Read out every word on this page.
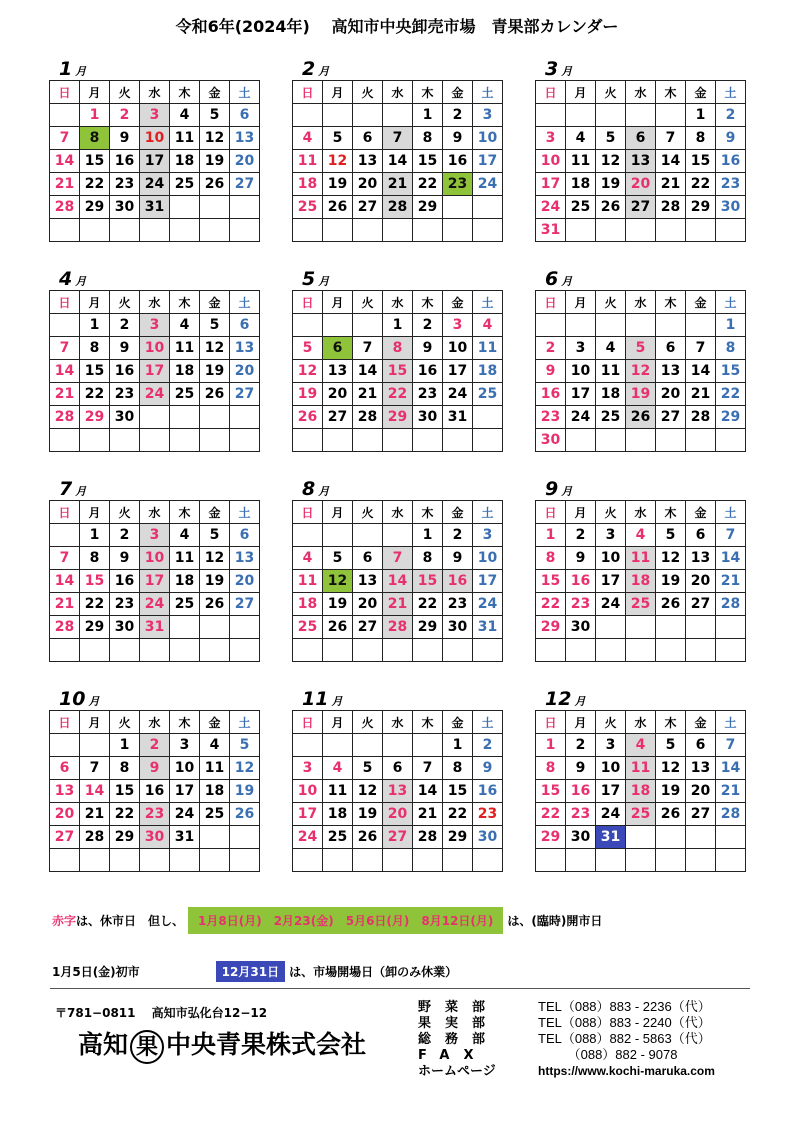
令和6年(2024年)　 高知市中央卸売市場　青果部カレンダー
1 月
日	月	火	水	木	金	土
	1	2	3	4	5	6
7	8	9	10	11	12	13
14	15	16	17	18	19	20
21	22	23	24	25	26	27
28	29	30	31			

2 月
日	月	火	水	木	金	土
				1	2	3
4	5	6	7	8	9	10
11	12	13	14	15	16	17
18	19	20	21	22	23	24
25	26	27	28	29		

3 月
日	月	火	水	木	金	土
					1	2
3	4	5	6	7	8	9
10	11	12	13	14	15	16
17	18	19	20	21	22	23
24	25	26	27	28	29	30
31						
4 月
日	月	火	水	木	金	土
	1	2	3	4	5	6
7	8	9	10	11	12	13
14	15	16	17	18	19	20
21	22	23	24	25	26	27
28	29	30				

5 月
日	月	火	水	木	金	土
			1	2	3	4
5	6	7	8	9	10	11
12	13	14	15	16	17	18
19	20	21	22	23	24	25
26	27	28	29	30	31	

6 月
日	月	火	水	木	金	土
						1
2	3	4	5	6	7	8
9	10	11	12	13	14	15
16	17	18	19	20	21	22
23	24	25	26	27	28	29
30						
7 月
日	月	火	水	木	金	土
	1	2	3	4	5	6
7	8	9	10	11	12	13
14	15	16	17	18	19	20
21	22	23	24	25	26	27
28	29	30	31			

8 月
日	月	火	水	木	金	土
				1	2	3
4	5	6	7	8	9	10
11	12	13	14	15	16	17
18	19	20	21	22	23	24
25	26	27	28	29	30	31

9 月
日	月	火	水	木	金	土
1	2	3	4	5	6	7
8	9	10	11	12	13	14
15	16	17	18	19	20	21
22	23	24	25	26	27	28
29	30					

10 月
日	月	火	水	木	金	土
		1	2	3	4	5
6	7	8	9	10	11	12
13	14	15	16	17	18	19
20	21	22	23	24	25	26
27	28	29	30	31		

11 月
日	月	火	水	木	金	土
					1	2
3	4	5	6	7	8	9
10	11	12	13	14	15	16
17	18	19	20	21	22	23
24	25	26	27	28	29	30

12 月
日	月	火	水	木	金	土
1	2	3	4	5	6	7
8	9	10	11	12	13	14
15	16	17	18	19	20	21
22	23	24	25	26	27	28
29	30	31				

赤字は、休市日　但し、 1月8日(月)　2月23(金)　5月6日(月)　8月12日(月) は、(臨時)開市日
1月5日(金)初市	12月31日 は、市場開場日（卸のみ休業）
〒781−0811　 高知市弘化台12−12
高知 果 中央青果株式会社
野菜部	TEL（088）883 - 2236（代）
果実部	TEL（088）883 - 2240（代）
総務部	TEL（088）882 - 5863（代）
FAX	　　 （088）882 - 9078
ホームページ	https://www.kochi-maruka.com
